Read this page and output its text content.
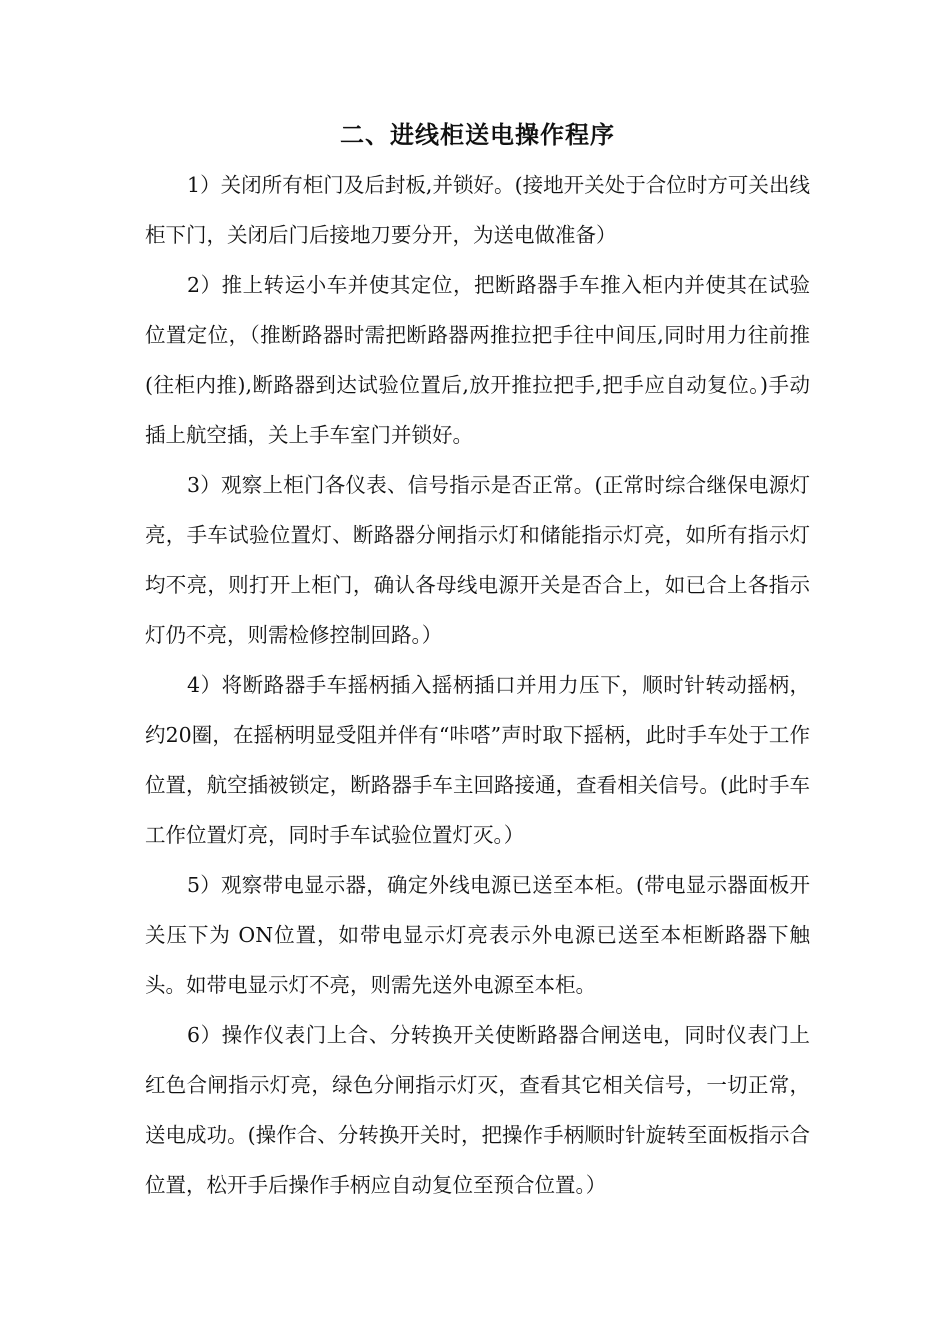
二、进线柜送电操作程序

1）关闭所有柜门及后封板,并锁好。(接地开关处于合位时方可关出线柜下门，关闭后门后接地刀要分开，为送电做准备）

2）推上转运小车并使其定位，把断路器手车推入柜内并使其在试验位置定位，（推断路器时需把断路器两推拉把手往中间压,同时用力往前推(往柜内推),断路器到达试验位置后,放开推拉把手,把手应自动复位。)手动插上航空插，关上手车室门并锁好。

3）观察上柜门各仪表、信号指示是否正常。(正常时综合继保电源灯亮，手车试验位置灯、断路器分闸指示灯和储能指示灯亮，如所有指示灯均不亮，则打开上柜门，确认各母线电源开关是否合上，如已合上各指示灯仍不亮，则需检修控制回路。）

4）将断路器手车摇柄插入摇柄插口并用力压下，顺时针转动摇柄，约20圈，在摇柄明显受阻并伴有“咔嗒”声时取下摇柄，此时手车处于工作位置，航空插被锁定，断路器手车主回路接通，查看相关信号。(此时手车工作位置灯亮，同时手车试验位置灯灭。）

5）观察带电显示器，确定外线电源已送至本柜。(带电显示器面板开关压下为 ON位置，如带电显示灯亮表示外电源已送至本柜断路器下触头。如带电显示灯不亮，则需先送外电源至本柜。

6）操作仪表门上合、分转换开关使断路器合闸送电，同时仪表门上红色合闸指示灯亮，绿色分闸指示灯灭，查看其它相关信号，一切正常，送电成功。(操作合、分转换开关时，把操作手柄顺时针旋转至面板指示合位置，松开手后操作手柄应自动复位至预合位置。）
